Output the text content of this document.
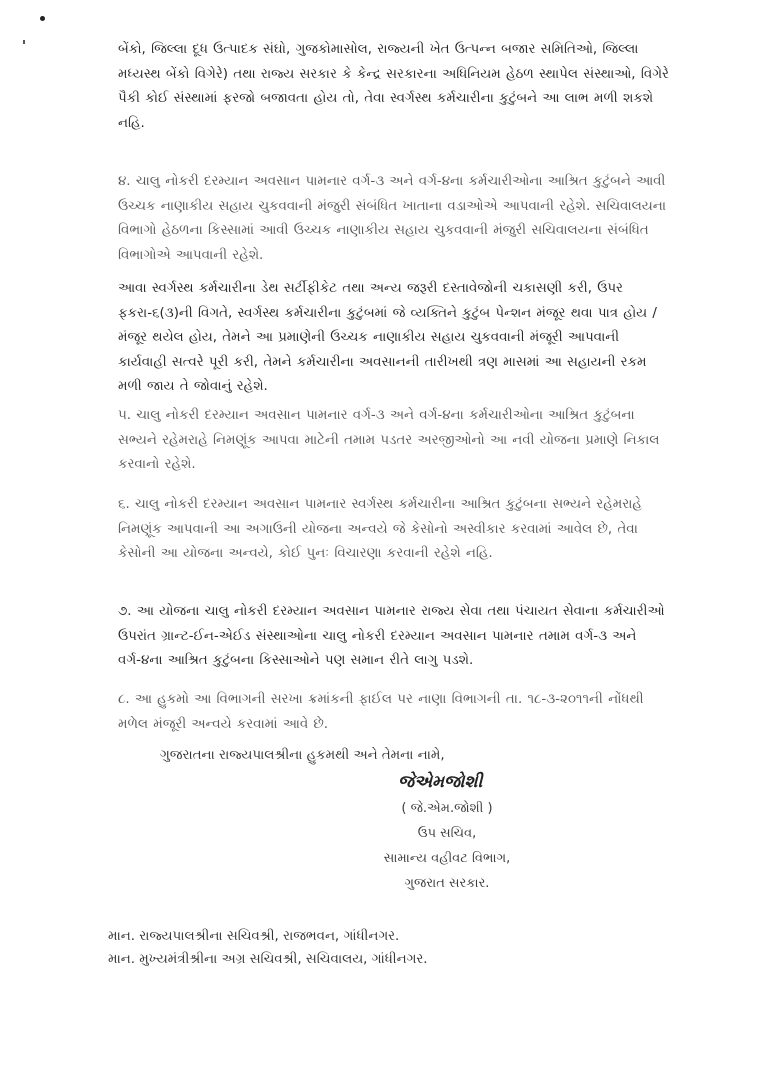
બેંકો, જિલ્લા દૂધ ઉત્પાદક સંઘો, ગુજકોમાસોલ, રાજ્યની ખેત ઉત્પન્ન બજાર સમિતિઓ, જિલ્લા મધ્યસ્થ બેંકો વિગેરે) તથા રાજ્ય સરકાર કે કેન્દ્ર સરકારના અધિનિયમ હેઠળ સ્થાપેલ સંસ્થાઓ, વિગેરે પૈકી કોઈ સંસ્થામાં ફરજો બજાવતા હોય તો, તેવા સ્વર્ગસ્થ કર્મચારીના કુટુંબને આ લાભ મળી શકશે નહિ.

૪. ચાલુ નોકરી દરમ્યાન અવસાન પામનાર વર્ગ-૩ અને વર્ગ-૪ના કર્મચારીઓના આશ્રિત કુટુંબને આવી ઉચ્ચક નાણાકીય સહાય ચુકવવાની મંજુરી સંબંધિત ખાતાના વડાઓએ આપવાની રહેશે. સચિવાલયના વિભાગો હેઠળના કિસ્સામાં આવી ઉચ્ચક નાણાકીય સહાય ચુકવવાની મંજુરી સચિવાલયના સંબંધિત વિભાગોએ આપવાની રહેશે.

આવા સ્વર્ગસ્થ કર્મચારીના ડેથ સર્ટીફીકેટ તથા અન્ય જરૂરી દસ્તાવેજોની ચકાસણી કરી, ઉપર ફકરા-૬(૩)ની વિગતે, સ્વર્ગસ્થ કર્મચારીના કુટુંબમાં જે વ્યક્તિને કુટુંબ પેન્શન મંજૂર થવા પાત્ર હોય / મંજૂર થયેલ હોય, તેમને આ પ્રમાણેની ઉચ્ચક નાણાકીય સહાય ચુકવવાની મંજૂરી આપવાની કાર્યવાહી સત્વરે પૂરી કરી, તેમને કર્મચારીના અવસાનની તારીખથી ત્રણ માસમાં આ સહાયની રકમ મળી જાય તે જોવાનું રહેશે.

૫. ચાલુ નોકરી દરમ્યાન અવસાન પામનાર વર્ગ-૩ અને વર્ગ-૪ના કર્મચારીઓના આશ્રિત કુટુંબના સભ્યને રહેમરાહે નિમણૂંક આપવા માટેની તમામ પડતર અરજીઓનો આ નવી યોજના પ્રમાણે નિકાલ કરવાનો રહેશે.

૬. ચાલુ નોકરી દરમ્યાન અવસાન પામનાર સ્વર્ગસ્થ કર્મચારીના આશ્રિત કુટુંબના સભ્યને રહેમરાહે નિમણૂંક આપવાની આ અગાઉની યોજના અન્વયે જે કેસોનો અસ્વીકાર કરવામાં આવેલ છે, તેવા કેસોની આ યોજના અન્વયે, કોઈ પુનઃ વિચારણા કરવાની રહેશે નહિ.

૭. આ યોજના ચાલુ નોકરી દરમ્યાન અવસાન પામનાર રાજ્ય સેવા તથા પંચાયત સેવાના કર્મચારીઓ ઉપરાંત ગ્રાન્ટ-ઈન-એઈડ સંસ્થાઓના ચાલુ નોકરી દરમ્યાન અવસાન પામનાર તમામ વર્ગ-૩ અને વર્ગ-૪ના આશ્રિત કુટુંબના કિસ્સાઓને પણ સમાન રીતે લાગુ પડશે.

૮. આ હુકમો આ વિભાગની સરખા ક્રમાંકની ફાઈલ પર નાણા વિભાગની તા. ૧૮-૩-૨૦૧૧ની નોંધથી મળેલ મંજૂરી અન્વયે કરવામાં આવે છે.

ગુજરાતના રાજ્યપાલશ્રીના હુકમથી અને તેમના નામે,

જેએમજોશી

( જે.એમ.જોશી )

ઉપ સચિવ,

સામાન્ય વહીવટ વિભાગ,

ગુજરાત સરકાર.

માન. રાજ્યપાલશ્રીના સચિવશ્રી, રાજભવન, ગાંધીનગર.

માન. મુખ્યમંત્રીશ્રીના અગ્ર સચિવશ્રી, સચિવાલય, ગાંધીનગર.
